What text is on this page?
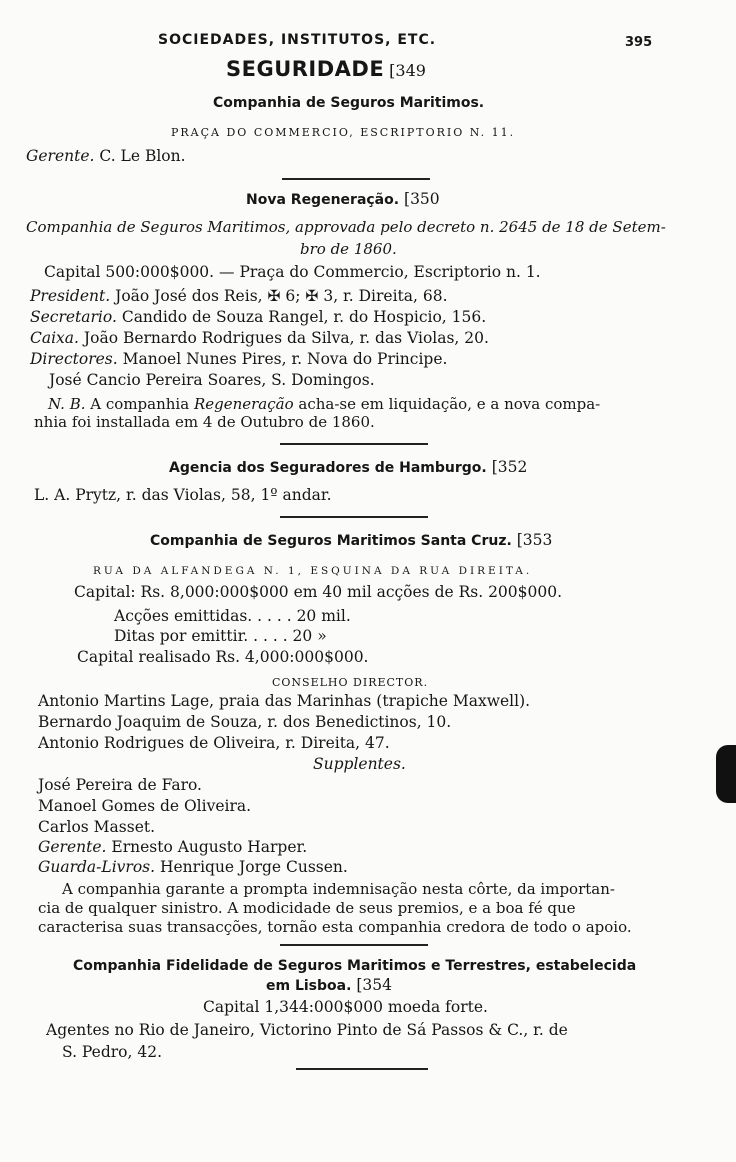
SOCIEDADES, INSTITUTOS, ETC.	395
SEGURIDADE [349
Companhia de Seguros Maritimos.
PRAÇA DO COMMERCIO, ESCRIPTORIO N. 11.
Gerente. C. Le Blon.
Nova Regeneração. [350
Companhia de Seguros Maritimos, approvada pelo decreto n. 2645 de 18 de Setem-
bro de 1860.
Capital 500:000$000. — Praça do Commercio, Escriptorio n. 1.
President. João José dos Reis, ✠ 6; ✠ 3, r. Direita, 68.
Secretario. Candido de Souza Rangel, r. do Hospicio, 156.
Caixa. João Bernardo Rodrigues da Silva, r. das Violas, 20.
Directores. Manoel Nunes Pires, r. Nova do Principe.
José Cancio Pereira Soares, S. Domingos.
N. B. A companhia Regeneração acha-se em liquidação, e a nova compa-
nhia foi installada em 4 de Outubro de 1860.
Agencia dos Seguradores de Hamburgo. [352
L. A. Prytz, r. das Violas, 58, 1º andar.
Companhia de Seguros Maritimos Santa Cruz. [353
RUA DA ALFANDEGA N. 1, ESQUINA DA RUA DIREITA.
Capital: Rs. 8,000:000$000 em 40 mil acções de Rs. 200$000.
Acções emittidas. . . . . 20 mil.
Ditas por emittir. . . . . 20 »
Capital realisado Rs. 4,000:000$000.
CONSELHO DIRECTOR.
Antonio Martins Lage, praia das Marinhas (trapiche Maxwell).
Bernardo Joaquim de Souza, r. dos Benedictinos, 10.
Antonio Rodrigues de Oliveira, r. Direita, 47.
Supplentes.
José Pereira de Faro.
Manoel Gomes de Oliveira.
Carlos Masset.
Gerente. Ernesto Augusto Harper.
Guarda-Livros. Henrique Jorge Cussen.
A companhia garante a prompta indemnisação nesta côrte, da importan-
cia de qualquer sinistro. A modicidade de seus premios, e a boa fé que
caracterisa suas transacções, tornão esta companhia credora de todo o apoio.
Companhia Fidelidade de Seguros Maritimos e Terrestres, estabelecida
em Lisboa. [354
Capital 1,344:000$000 moeda forte.
Agentes no Rio de Janeiro, Victorino Pinto de Sá Passos & C., r. de
S. Pedro, 42.
